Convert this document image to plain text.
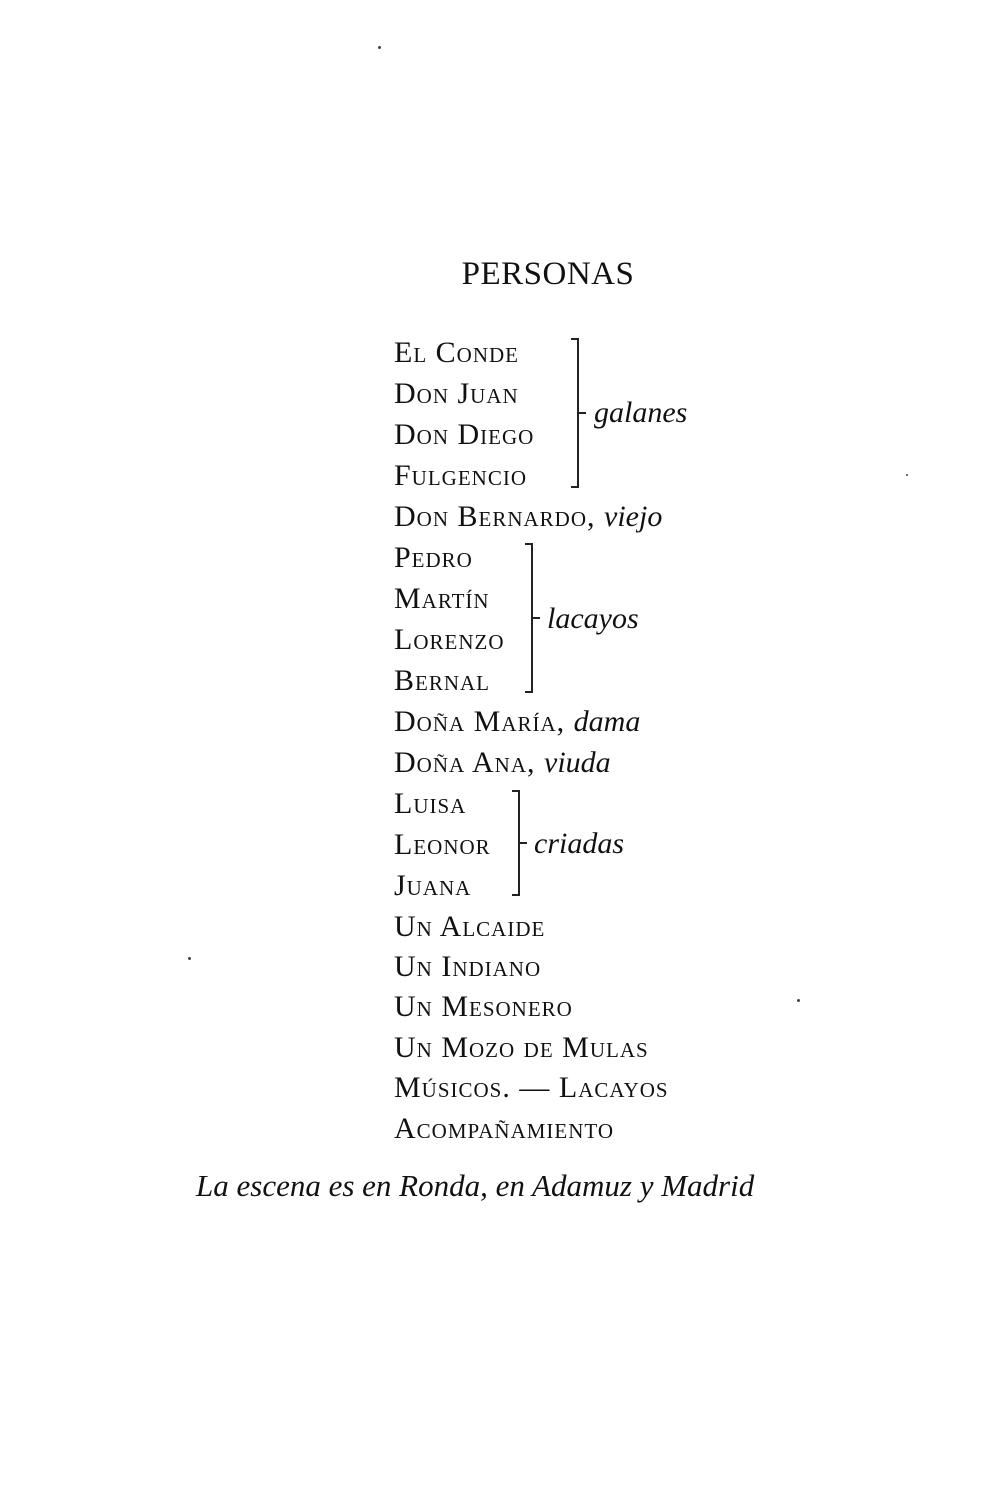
PERSONAS
El Conde
Don Juan
Don Diego
Fulgencio
Don Bernardo, viejo
Pedro
Martín
Lorenzo
Bernal
Doña María, dama
Doña Ana, viuda
Luisa
Leonor
Juana
Un Alcaide
Un Indiano
Un Mesonero
Un Mozo de Mulas
Músicos. — Lacayos
Acompañamiento
galanes
lacayos
criadas
La escena es en Ronda, en Adamuz y Madrid
